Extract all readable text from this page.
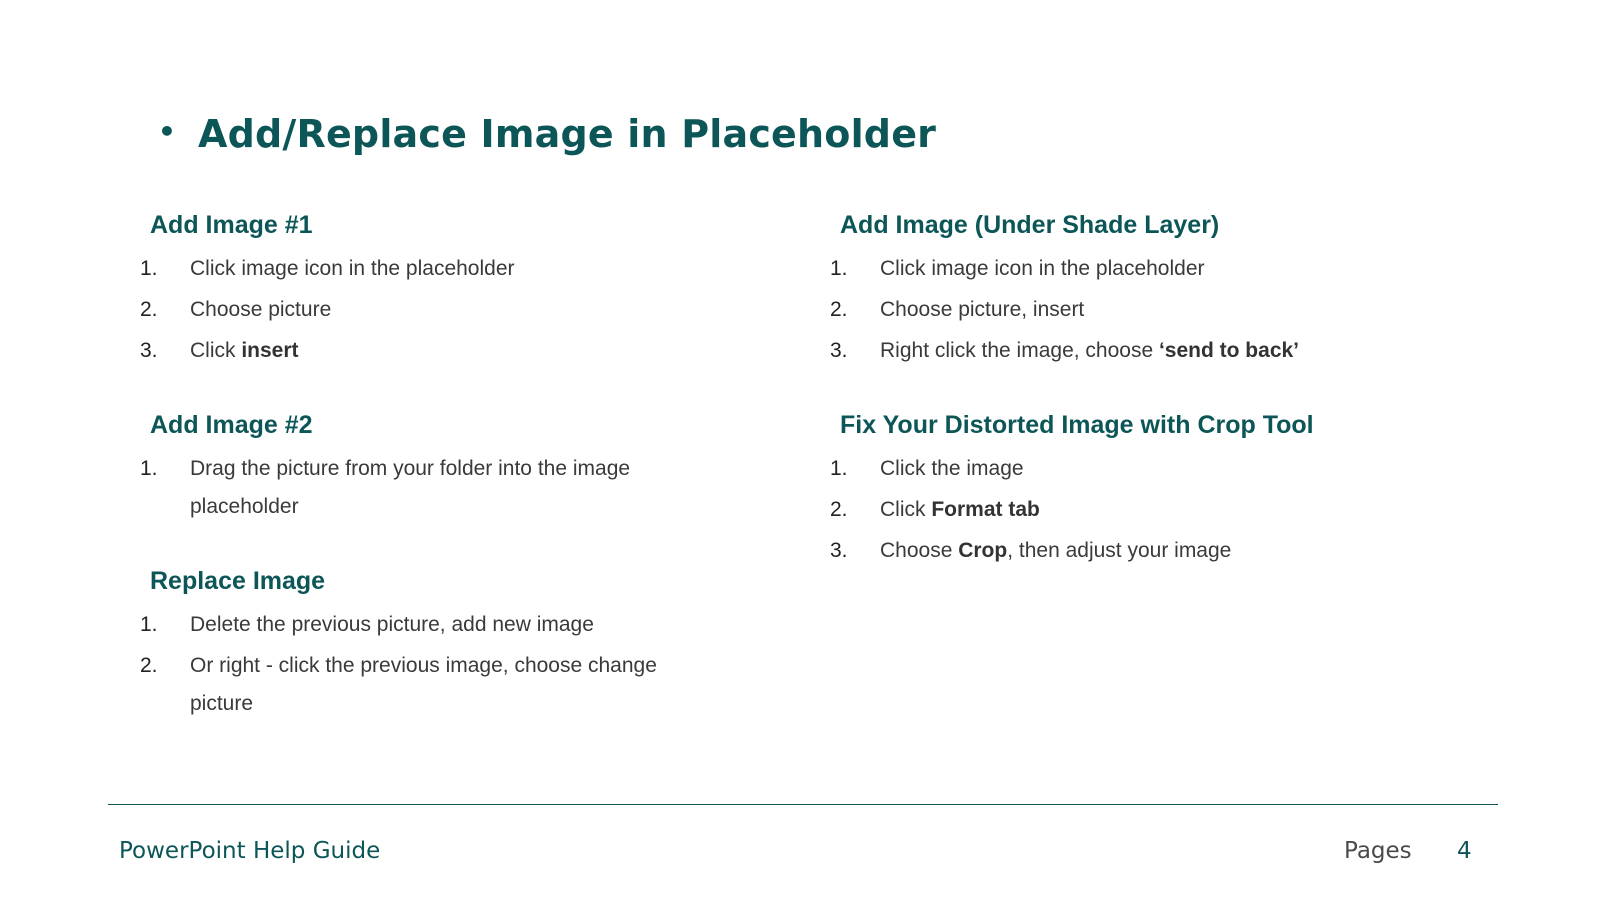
• Add/Replace Image in Placeholder
Add Image #1
1.	Click image icon in the placeholder
2.	Choose picture
3.	Click insert
Add Image #2
1.	Drag the picture from your folder into the image placeholder
Replace Image
1.	Delete the previous picture, add new image
2.	Or right - click the previous image, choose change picture
Add Image (Under Shade Layer)
1.	Click image icon in the placeholder
2.	Choose picture, insert
3.	Right click the image, choose ‘send to back’
Fix Your Distorted Image with Crop Tool
1.	Click the image
2.	Click Format tab
3.	Choose Crop, then adjust your image
PowerPoint Help Guide	Pages 4
